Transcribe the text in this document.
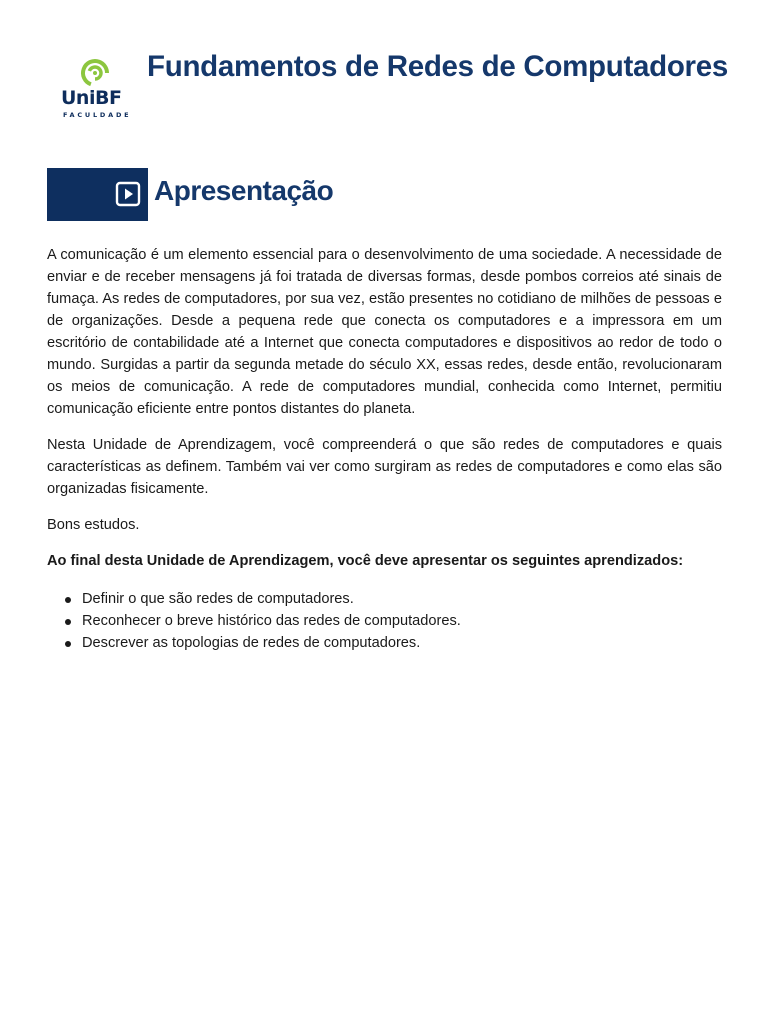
UniBF
FACULDADE
Fundamentos de Redes de Computadores
Apresentação

A comunicação é um elemento essencial para o desenvolvimento de uma sociedade. A necessidade de enviar e de receber mensagens já foi tratada de diversas formas, desde pombos correios até sinais de fumaça. As redes de computadores, por sua vez, estão presentes no cotidiano de milhões de pessoas e de organizações. Desde a pequena rede que conecta os computadores e a impressora em um escritório de contabilidade até a Internet que conecta computadores e dispositivos ao redor de todo o mundo. Surgidas a partir da segunda metade do século XX, essas redes, desde então, revolucionaram os meios de comunicação. A rede de computadores mundial, conhecida como Internet, permitiu comunicação eficiente entre pontos distantes do planeta.

Nesta Unidade de Aprendizagem, você compreenderá o que são redes de computadores e quais características as definem. Também vai ver como surgiram as redes de computadores e como elas são organizadas fisicamente.

Bons estudos.

Ao final desta Unidade de Aprendizagem, você deve apresentar os seguintes aprendizados:

Definir o que são redes de computadores.
Reconhecer o breve histórico das redes de computadores.
Descrever as topologias de redes de computadores.
